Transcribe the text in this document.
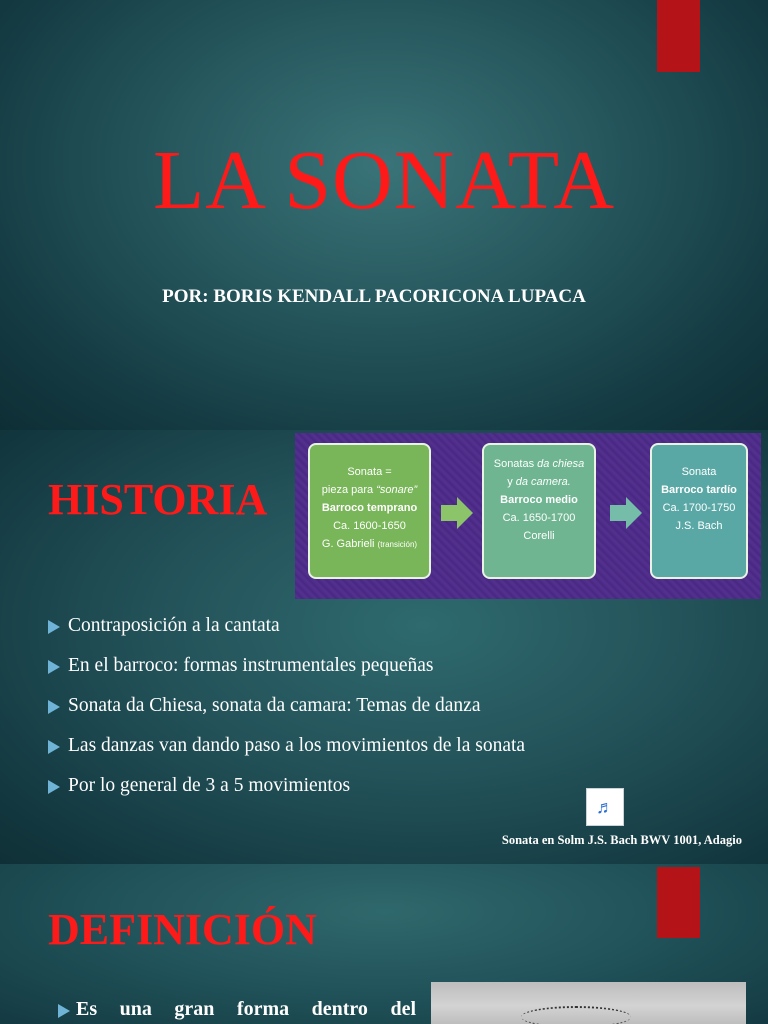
LA SONATA

POR: BORIS KENDALL PACORICONA LUPACA

HISTORIA
Sonata =
pieza para “sonare”
Barroco temprano
Ca. 1600-1650
G. Gabrieli (transición)
Sonatas da chiesa
y da camera.
Barroco medio
Ca. 1650-1700
Corelli
Sonata
Barroco tardío
Ca. 1700-1750
J.S. Bach
Contraposición a la cantata
En el barroco: formas instrumentales pequeñas
Sonata da Chiesa, sonata da camara: Temas de danza
Las danzas van dando paso a los movimientos de la sonata
Por lo general de 3 a 5 movimientos
♬

Sonata en Solm J.S. Bach BWV 1001, Adagio

DEFINICIÓN

Es una gran forma dentro del
